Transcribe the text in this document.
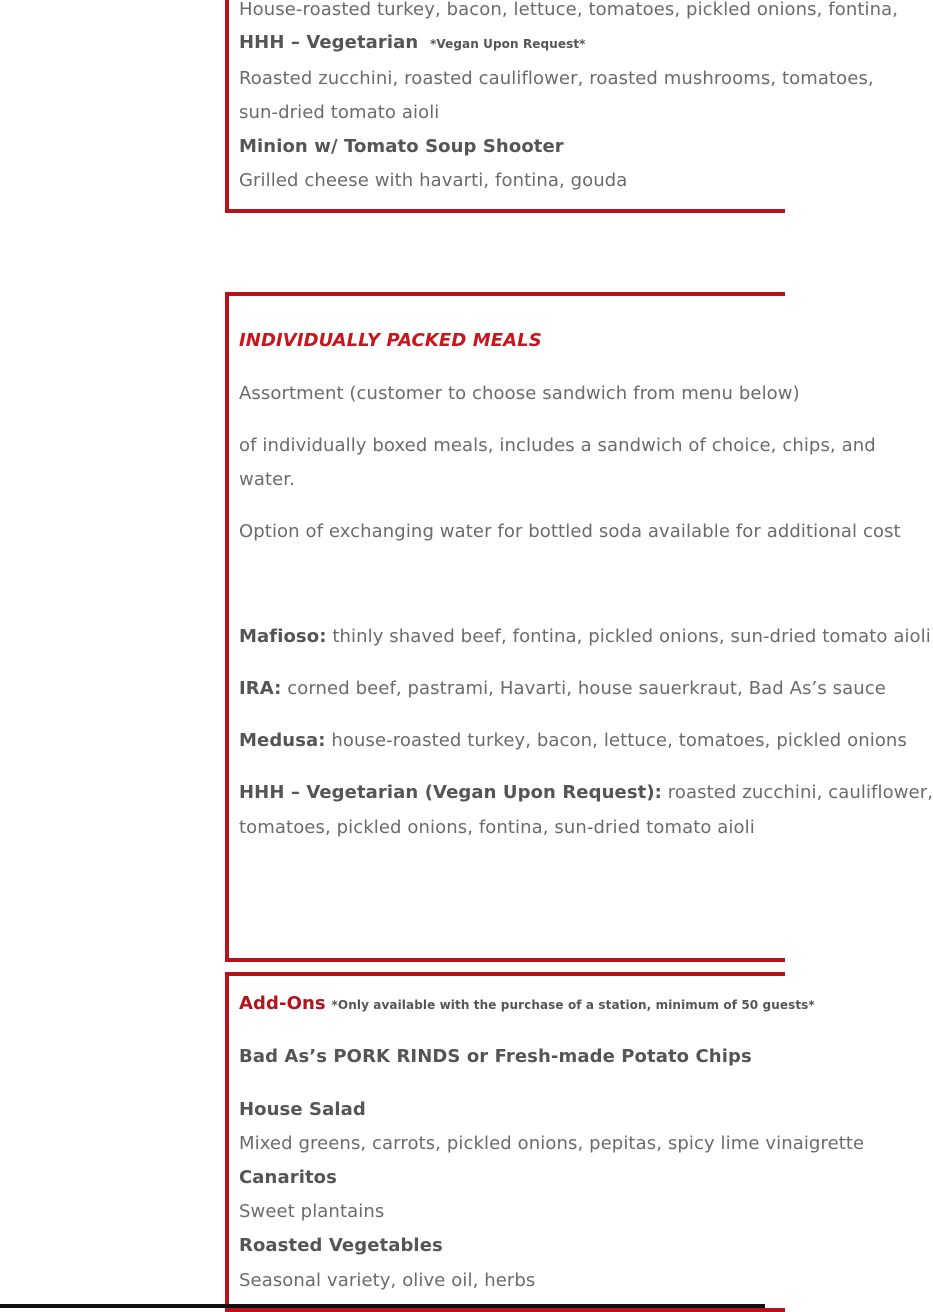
House-roasted turkey, bacon, lettuce, tomatoes, pickled onions, fontina,
HHH – Vegetarian *Vegan Upon Request*
Roasted zucchini, roasted cauliflower, roasted mushrooms, tomatoes,
sun-dried tomato aioli
Minion w/ Tomato Soup Shooter
Grilled cheese with havarti, fontina, gouda
INDIVIDUALLY PACKED MEALS
Assortment (customer to choose sandwich from menu below)
of individually boxed meals, includes a sandwich of choice, chips, and
water.
Option of exchanging water for bottled soda available for additional cost
Mafioso: thinly shaved beef, fontina, pickled onions, sun-dried tomato aioli
IRA: corned beef, pastrami, Havarti, house sauerkraut, Bad As’s sauce
Medusa: house-roasted turkey, bacon, lettuce, tomatoes, pickled onions
HHH – Vegetarian (Vegan Upon Request): roasted zucchini, cauliflower,
tomatoes, pickled onions, fontina, sun-dried tomato aioli
Add-Ons *Only available with the purchase of a station, minimum of 50 guests*
Bad As’s PORK RINDS or Fresh-made Potato Chips
House Salad
Mixed greens, carrots, pickled onions, pepitas, spicy lime vinaigrette
Canaritos
Sweet plantains
Roasted Vegetables
Seasonal variety, olive oil, herbs
